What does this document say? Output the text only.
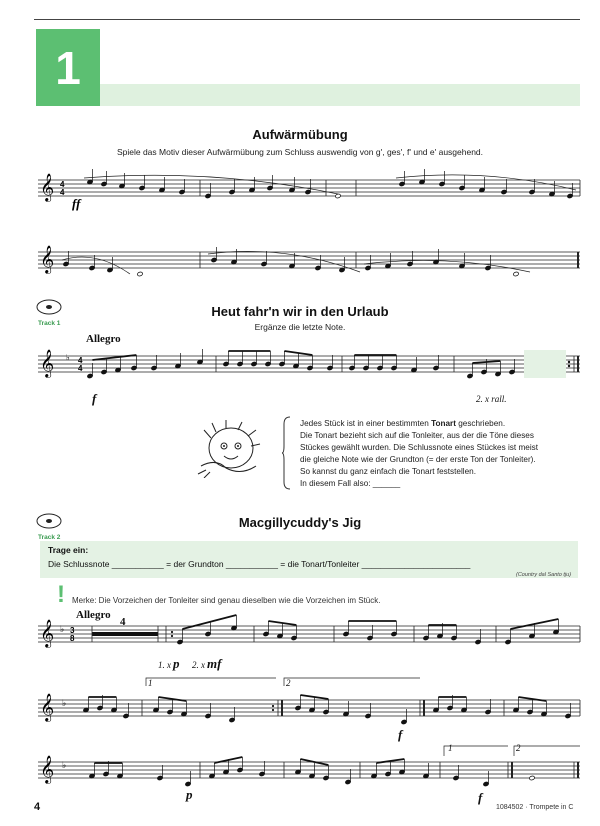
1
Aufwärmübung
Spiele das Motiv dieser Aufwärmübung zum Schluss auswendig von g', ges', f' und e' ausgehend.
Track 1
Heut fahr'n wir in den Urlaub
Ergänze die letzte Note.
Allegro
f	2. x rall.
Jedes Stück ist in einer bestimmten Tonart geschrieben.
Die Tonart bezieht sich auf die Tonleiter, aus der die Töne dieses
Stückes gewählt wurden. Die Schlussnote eines Stückes ist meist
die gleiche Note wie der Grundton (= der erste Ton der Tonleiter).
So kannst du ganz einfach die Tonart feststellen.
In diesem Fall also: ______
Track 2
Macgillycuddy's Jig
Trage ein:
Die Schlussnote ___________ = der Grundton ___________ = die Tonart/Tonleiter _______________________
(Country dal Santo tju)
! Merke: Die Vorzeichen der Tonleiter sind genau dieselben wie die Vorzeichen im Stück.
Allegro
4
1. x p 2. x mf
1	2
f
p	f
1	2
4	1084502 · Trompete in C
𝄞 4
4
ff
𝄞
𝄞 ♭ 4
4
𝄞 ♭ 3
8
𝄞 ♭
𝄞 ♭
